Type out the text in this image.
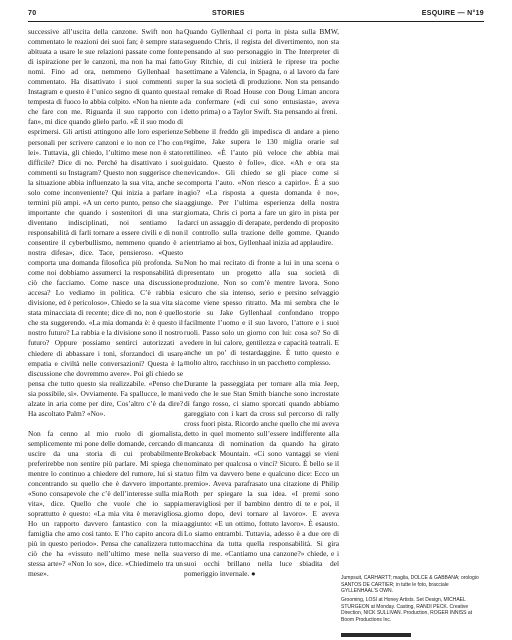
70	STORIES	ESQUIRE — N°19

successive all’uscita della canzone. Swift non ha commentato le reazioni dei suoi fan; è sempre stata abituata a usare le sue relazioni passate come fonte di ispirazione per le canzoni, ma non ha mai fatto nomi. Fino ad ora, nemmeno Gyllenhaal ha commentato. Ha disattivato i suoi commenti su Instagram e questo è l’unico segno di quanto questa tempesta di fuoco lo abbia colpito. «Non ha niente a che fare con me. Riguarda il suo rapporto con i fan», mi dice quando glielo parlo. «È il suo modo di esprimersi. Gli artisti attingono alle loro esperienze personali per scrivere canzoni e io non ce l’ho con lei». Tuttavia, gli chiedo, l’ultimo mese non è stato difficile? Dice di no. Perché ha disattivato i suoi commenti su Instagram? Questo non suggerisce che la situazione abbia influenzato la sua vita, anche se solo come inconveniente? Qui inizia a parlare in termini più ampi. «A un certo punto, penso che sia importante che quando i sostenitori di una star diventano indisciplinati, noi sentiamo la responsabilità di farli tornare a essere civili e di non consentire il cyberbullismo, nemmeno quando è a nostra difesa», dice. Tace, pensieroso. «Questo comporta una domanda filosofica più profonda. Su come noi dobbiamo assumerci la responsabilità di ciò che facciamo. Come nasce una discussione accesa? Lo vediamo in politica. C’è rabbia e divisione, ed è pericoloso». Chiedo se la sua vita sia stata minacciata di recente; dice di no, non è quello che sta suggerendo. «La mia domanda è: è questo il nostro futuro? La rabbia e la divisione sono il nostro futuro? Oppure possiamo sentirci autorizzati a chiedere di abbassare i toni, sforzandoci di usare empatia e civiltà nelle conversazioni? Questa è la discussione che dovremmo avere». Poi gli chiedo se pensa che tutto questo sia realizzabile. «Penso che sia possibile, sì». Ovviamente. Fa spallucce, le mani alzate in aria come per dire, Cos’altro c’è da dire? Ha ascoltato Palm? «No».

Non fa cenno al mio ruolo di giornalista, semplicemente mi pone delle domande, cercando di uscire da una storia di cui probabilmente preferirebbe non sentire più parlare. Mi spiega che mentre lo continuo a chiedere del rumore, lui si sta concentrando su quello che è davvero importante. «Sono consapevole che c’è dell’interesse sulla mia vita», dice. Quello che vuole che io sappia soprattutto è questo: «La mia vita è meravigliosa. Ho un rapporto davvero fantastico con la mia famiglia che amo così tanto. E l’ho capito ancora di più in questo periodo». Pensa che canalizzera tutto ciò che ha «vissuto nell’ultimo mese nella sua stessa arte»? «Non lo so», dice. «Chiedimelo tra un mese».

Quando Gyllenhaal ci porta in pista sulla BMW, seguendo Chris, il regista del divertimento, non sta pensando al suo personaggio in The Interpreter di Guy Ritchie, di cui inizierà le riprese tra poche settimane a Valencia, in Spagna, o al lavoro da fare per la sua società di produzione. Non sta pensando al remake di Road House con Doug Liman ancora da confermare («di cui sono entusiasta», aveva detto prima) o a Taylor Swift. Sta pensando ai freni.

Sebbene il freddo gli impedisca di andare a pieno regime, Jake supera le 130 miglia orarie sul rettilineo. «È l’auto più veloce che abbia mai guidato. Questo è folle», dice. «Ah e ora sta nevicando». Gli chiedo se gli piace come si comporta l’auto. «Non riesco a capirlo». È a suo agio? «La risposta a questa domanda è no», aggiunge. Per l’ultima esperienza della nostra giornata, Chris ci porta a fare un giro in pista per darci un assaggio di derapate, perdendo di proposito il controllo sulla trazione delle gomme. Quando rientriamo ai box, Gyllenhaal inizia ad applaudire.

Non ho mai recitato di fronte a lui in una scena o presentato un progetto alla sua società di produzione. Non so com’è mentre lavora. Sono sicuro che sia intenso, serio e persino selvaggio come viene spesso ritratto. Ma mi sembra che le storie su Jake Gyllenhaal confondano troppo facilmente l’uomo e il suo lavoro, l’attore e i suoi ruoli. Passo solo un giorno con lui: cosa so? So di vedere in lui calore, gentilezza e capacità teatrali. E anche un po’ di testardaggine. È tutto questo e molto altro, racchiuso in un pacchetto complesso.

Durante la passeggiata per tornare alla mia Jeep, vedo che le sue Stan Smith bianche sono incrostate di fango rosso, ci siamo sporcati quando abbiamo gareggiato con i kart da cross sul percorso di rally cross fuori pista. Ricordo anche quello che mi aveva detto in quel momento sull’essere indifferente alla mancanza di nomination da quando ha girato Brokeback Mountain. «Ci sono vantaggi se vieni nominato per qualcosa o vinci? Sicuro. È bello se il tuo film va davvero bene e qualcuno dice: Ecco un premio». Aveva parafrasato una citazione di Philip Roth per spiegare la sua idea. «I premi sono meravigliosi per il bambino dentro di te e poi, il giorno dopo, devi tornare al lavoro». E aveva aggiunto: «E un ottimo, fottuto lavoro». È esausto. Lo siamo entrambi. Tuttavia, adesso è a due ore di macchina da tutta quella responsabilità. Si gira verso di me. «Cantiamo una canzone?» chiede, e i suoi occhi brillano nella luce sbiadita del pomeriggio invernale. ●	Jumpsuit, CARHARTT; maglia, DOLCE & GABBANA; orologio SANTOS DE CARTIER; in tutte le foto, bracciale GYLLENHAAL’S OWN.

Grooming, LOSI at Honey Artists. Set Design, MICHAEL STURGEON at Monday. Casting, RANDI PECK. Creative Direction, NICK SULLIVAN. Production, ROGER INNISS at Boom Productions Inc.
